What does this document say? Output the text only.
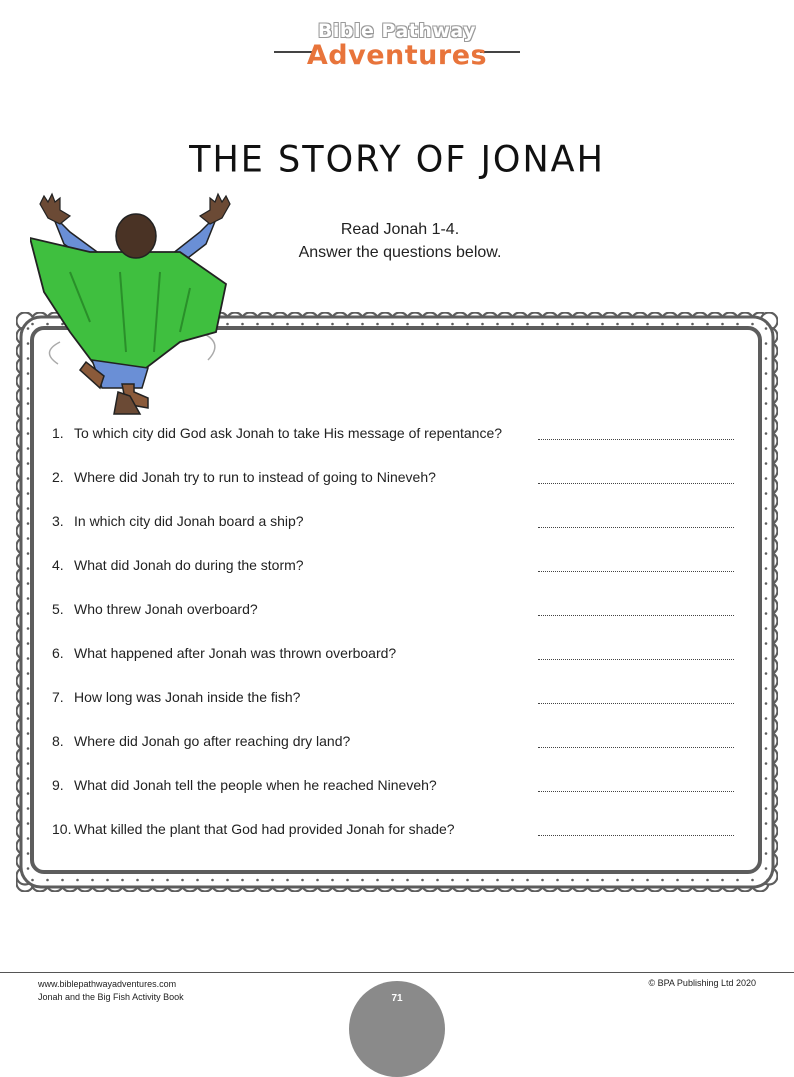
Bible Pathway
Adventures
THE STORY OF JONAH
Read Jonah 1-4.
Answer the questions below.
1. To which city did God ask Jonah to take His message of repentance?
2. Where did Jonah try to run to instead of going to Nineveh?
3. In which city did Jonah board a ship?
4. What did Jonah do during the storm?
5. Who threw Jonah overboard?
6. What happened after Jonah was thrown overboard?
7. How long was Jonah inside the fish?
8. Where did Jonah go after reaching dry land?
9. What did Jonah tell the people when he reached Nineveh?
10. What killed the plant that God had provided Jonah for shade?
www.biblepathwayadventures.com
Jonah and the Big Fish Activity Book
© BPA Publishing Ltd 2020
71
